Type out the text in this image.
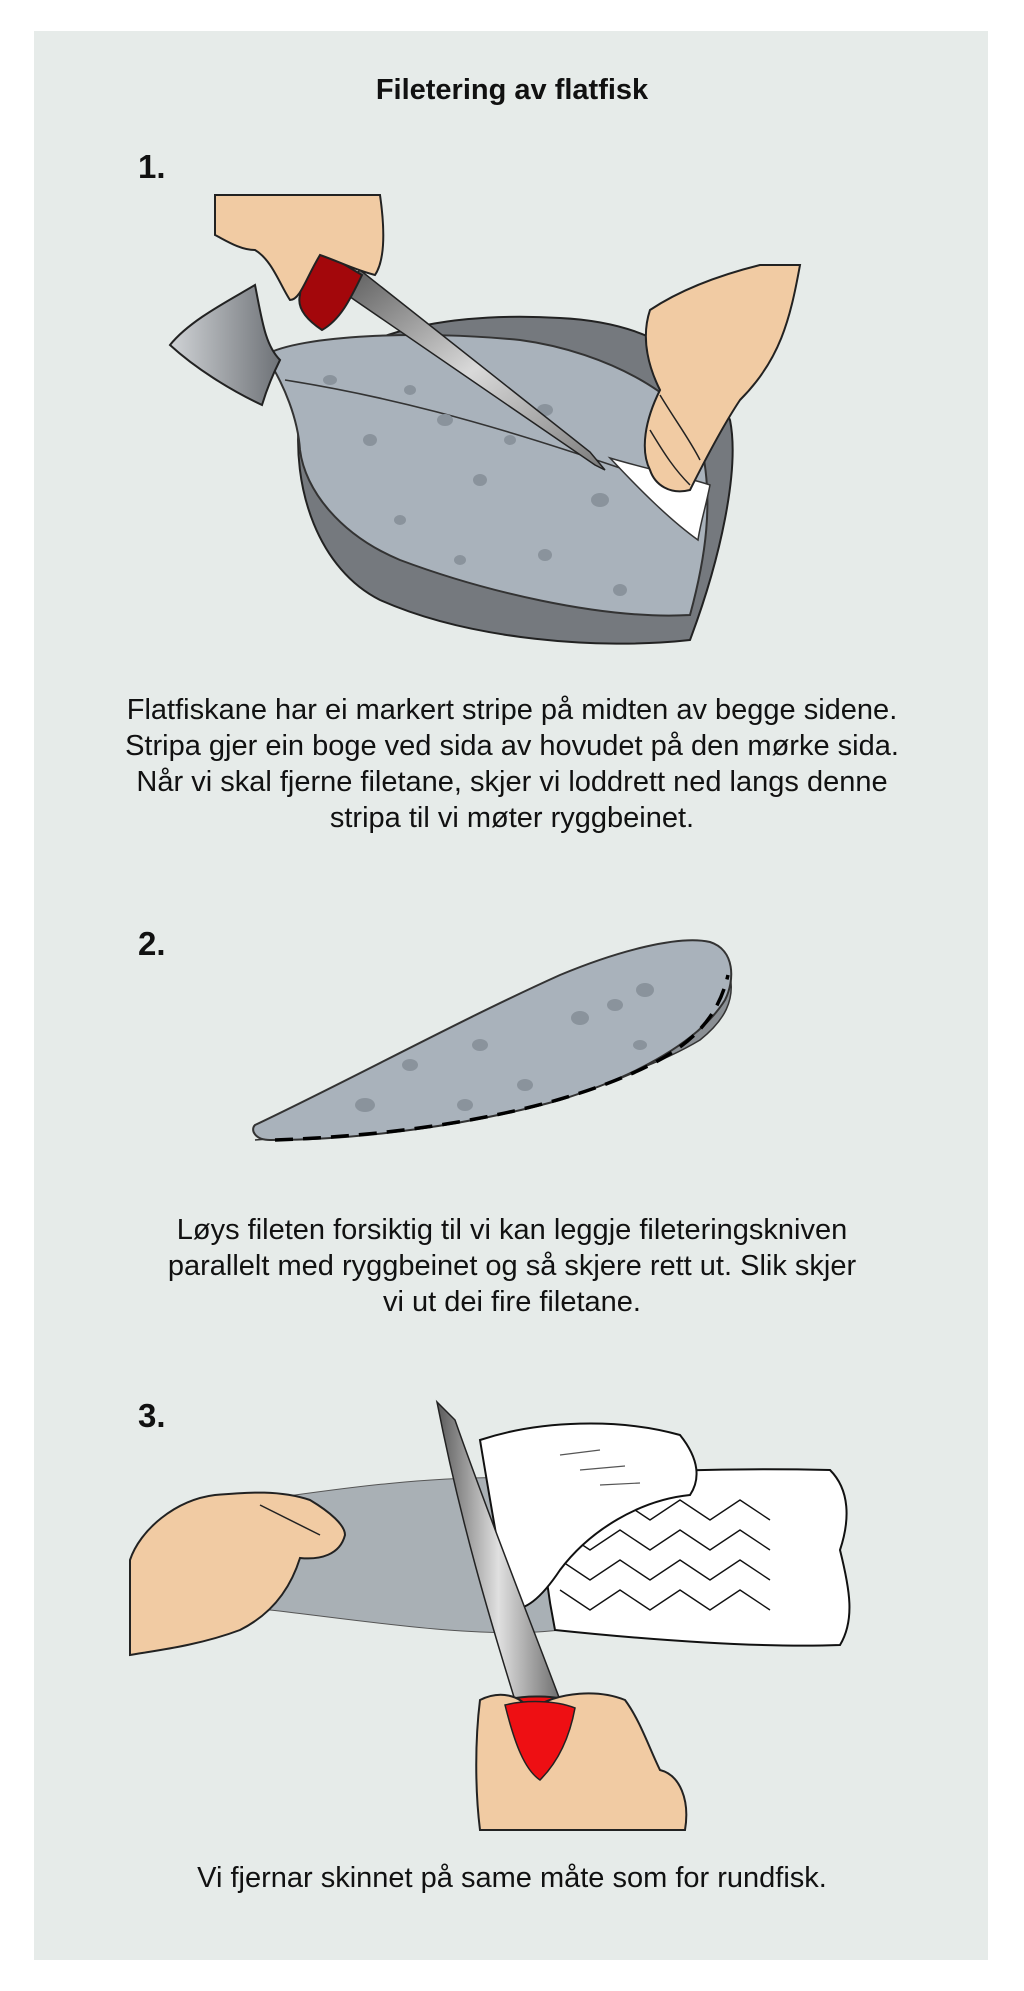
Filetering av flatfisk
1.
Flatfiskane har ei markert stripe på midten av begge sidene.
Stripa gjer ein boge ved sida av hovudet på den mørke sida.
Når vi skal fjerne filetane, skjer vi loddrett ned langs denne
stripa til vi møter ryggbeinet.
2.
Løys fileten forsiktig til vi kan leggje fileteringskniven
parallelt med ryggbeinet og så skjere rett ut. Slik skjer
vi ut dei fire filetane.
3.
Vi fjernar skinnet på same måte som for rundfisk.
